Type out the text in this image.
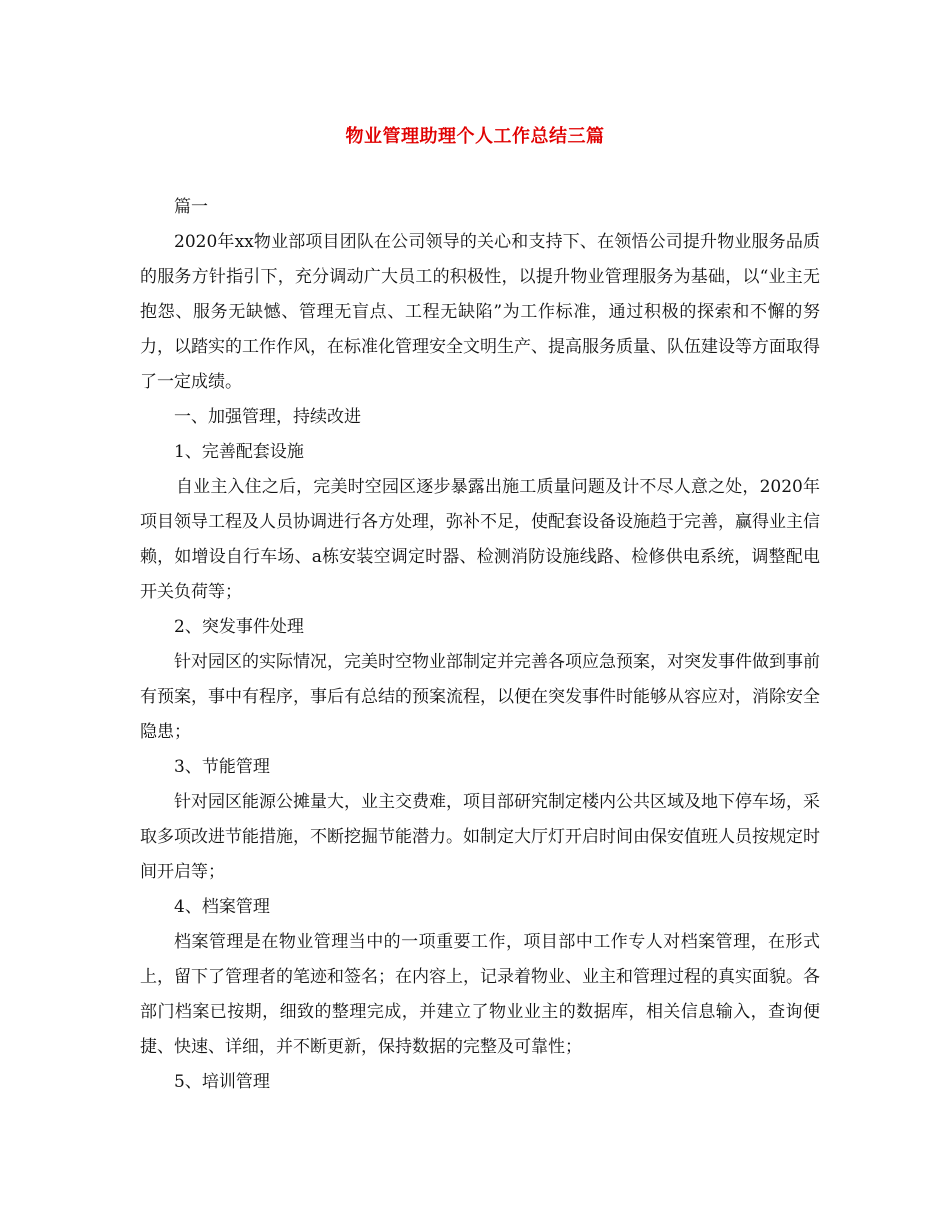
物业管理助理个人工作总结三篇

篇一

2020年xx物业部项目团队在公司领导的关心和支持下、在领悟公司提升物业服务品质的服务方针指引下，充分调动广大员工的积极性，以提升物业管理服务为基础，以“业主无抱怨、服务无缺憾、管理无盲点、工程无缺陷”为工作标准，通过积极的探索和不懈的努力，以踏实的工作作风，在标准化管理安全文明生产、提高服务质量、队伍建设等方面取得了一定成绩。

一、加强管理，持续改进

1、完善配套设施

自业主入住之后，完美时空园区逐步暴露出施工质量问题及计不尽人意之处，2020年项目领导工程及人员协调进行各方处理，弥补不足，使配套设备设施趋于完善，赢得业主信赖，如增设自行车场、a栋安装空调定时器、检测消防设施线路、检修供电系统，调整配电开关负荷等；

2、突发事件处理

针对园区的实际情况，完美时空物业部制定并完善各项应急预案，对突发事件做到事前有预案，事中有程序，事后有总结的预案流程，以便在突发事件时能够从容应对，消除安全隐患；

3、节能管理

针对园区能源公摊量大，业主交费难，项目部研究制定楼内公共区域及地下停车场，采取多项改进节能措施，不断挖掘节能潜力。如制定大厅灯开启时间由保安值班人员按规定时间开启等；

4、档案管理

档案管理是在物业管理当中的一项重要工作，项目部中工作专人对档案管理，在形式上，留下了管理者的笔迹和签名；在内容上，记录着物业、业主和管理过程的真实面貌。各部门档案已按期，细致的整理完成，并建立了物业业主的数据库，相关信息输入，查询便捷、快速、详细，并不断更新，保持数据的完整及可靠性；

5、培训管理
